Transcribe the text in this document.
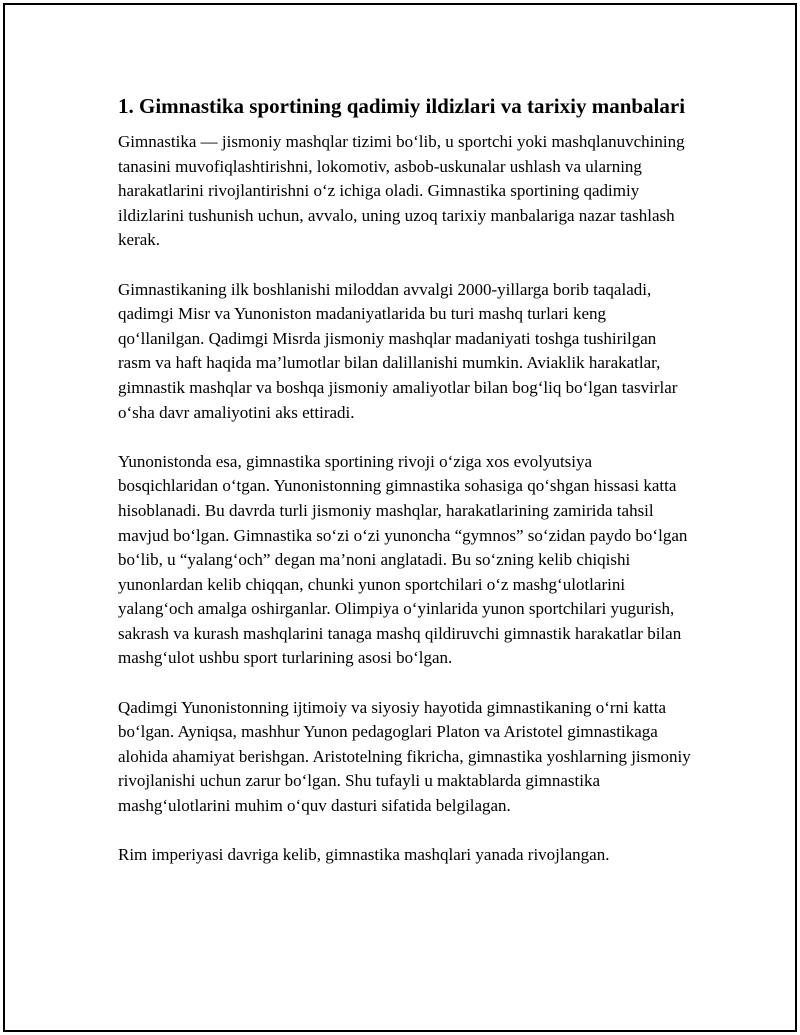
1. Gimnastika sportining qadimiy ildizlari va tarixiy manbalari

Gimnastika — jismoniy mashqlar tizimi bo‘lib, u sportchi yoki mashqlanuvchining tanasini muvofiqlashtirishni, lokomotiv, asbob-uskunalar ushlash va ularning harakatlarini rivojlantirishni o‘z ichiga oladi. Gimnastika sportining qadimiy ildizlarini tushunish uchun, avvalo, uning uzoq tarixiy manbalariga nazar tashlash kerak.

Gimnastikaning ilk boshlanishi miloddan avvalgi 2000-yillarga borib taqaladi, qadimgi Misr va Yunoniston madaniyatlarida bu turi mashq turlari keng qo‘llanilgan. Qadimgi Misrda jismoniy mashqlar madaniyati toshga tushirilgan rasm va haft haqida ma’lumotlar bilan dalillanishi mumkin. Aviaklik harakatlar, gimnastik mashqlar va boshqa jismoniy amaliyotlar bilan bog‘liq bo‘lgan tasvirlar o‘sha davr amaliyotini aks ettiradi.

Yunonistonda esa, gimnastika sportining rivoji o‘ziga xos evolyutsiya bosqichlaridan o‘tgan. Yunonistonning gimnastika sohasiga qo‘shgan hissasi katta hisoblanadi. Bu davrda turli jismoniy mashqlar, harakatlarining zamirida tahsil mavjud bo‘lgan. Gimnastika so‘zi o‘zi yunoncha “gymnos” so‘zidan paydo bo‘lgan bo‘lib, u “yalang‘och” degan ma’noni anglatadi. Bu so‘zning kelib chiqishi yunonlardan kelib chiqqan, chunki yunon sportchilari o‘z mashg‘ulotlarini yalang‘och amalga oshirganlar. Olimpiya o‘yinlarida yunon sportchilari yugurish, sakrash va kurash mashqlarini tanaga mashq qildiruvchi gimnastik harakatlar bilan mashg‘ulot ushbu sport turlarining asosi bo‘lgan.

Qadimgi Yunonistonning ijtimoiy va siyosiy hayotida gimnastikaning o‘rni katta bo‘lgan. Ayniqsa, mashhur Yunon pedagoglari Platon va Aristotel gimnastikaga alohida ahamiyat berishgan. Aristotelning fikricha, gimnastika yoshlarning jismoniy rivojlanishi uchun zarur bo‘lgan. Shu tufayli u maktablarda gimnastika mashg‘ulotlarini muhim o‘quv dasturi sifatida belgilagan.

Rim imperiyasi davriga kelib, gimnastika mashqlari yanada rivojlangan.
